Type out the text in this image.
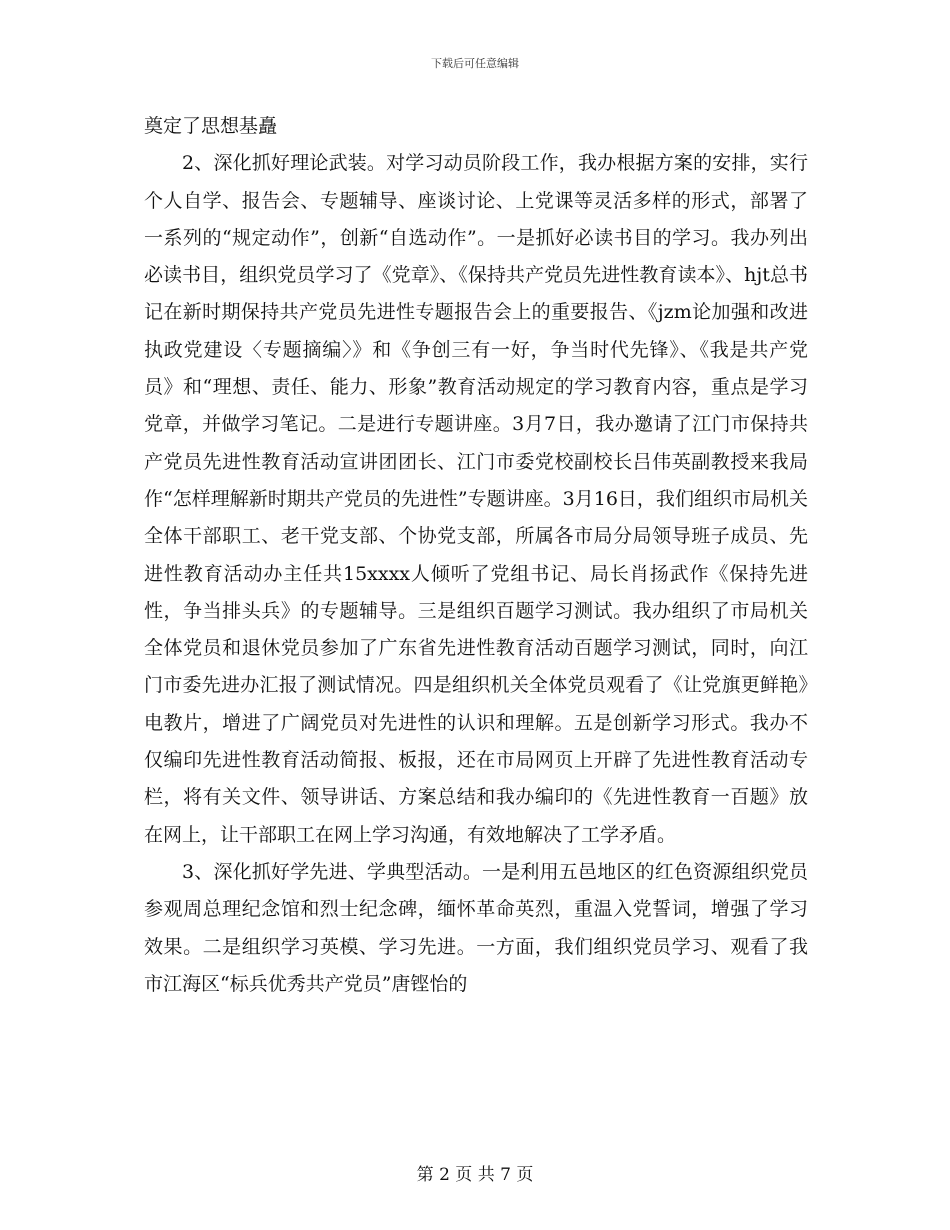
下载后可任意编辑

奠定了思想基矗

2、深化抓好理论武装。对学习动员阶段工作，我办根据方案的安排，实行个人自学、报告会、专题辅导、座谈讨论、上党课等灵活多样的形式，部署了一系列的“规定动作”，创新“自选动作”。一是抓好必读书目的学习。我办列出必读书目，组织党员学习了《党章》、《保持共产党员先进性教育读本》、hjt总书记在新时期保持共产党员先进性专题报告会上的重要报告、《jzm论加强和改进执政党建设〈专题摘编〉》和《争创三有一好，争当时代先锋》、《我是共产党员》和“理想、责任、能力、形象”教育活动规定的学习教育内容，重点是学习党章，并做学习笔记。二是进行专题讲座。3月7日，我办邀请了江门市保持共产党员先进性教育活动宣讲团团长、江门市委党校副校长吕伟英副教授来我局作“怎样理解新时期共产党员的先进性”专题讲座。3月16日，我们组织市局机关全体干部职工、老干党支部、个协党支部，所属各市局分局领导班子成员、先进性教育活动办主任共15xxxx人倾听了党组书记、局长肖扬武作《保持先进性，争当排头兵》的专题辅导。三是组织百题学习测试。我办组织了市局机关全体党员和退休党员参加了广东省先进性教育活动百题学习测试，同时，向江门市委先进办汇报了测试情况。四是组织机关全体党员观看了《让党旗更鲜艳》电教片，增进了广阔党员对先进性的认识和理解。五是创新学习形式。我办不仅编印先进性教育活动简报、板报，还在市局网页上开辟了先进性教育活动专栏，将有关文件、领导讲话、方案总结和我办编印的《先进性教育一百题》放在网上，让干部职工在网上学习沟通，有效地解决了工学矛盾。

3、深化抓好学先进、学典型活动。一是利用五邑地区的红色资源组织党员参观周总理纪念馆和烈士纪念碑，缅怀革命英烈，重温入党誓词，增强了学习效果。二是组织学习英模、学习先进。一方面，我们组织党员学习、观看了我市江海区“标兵优秀共产党员”唐铿怡的

第 2 页 共 7 页
